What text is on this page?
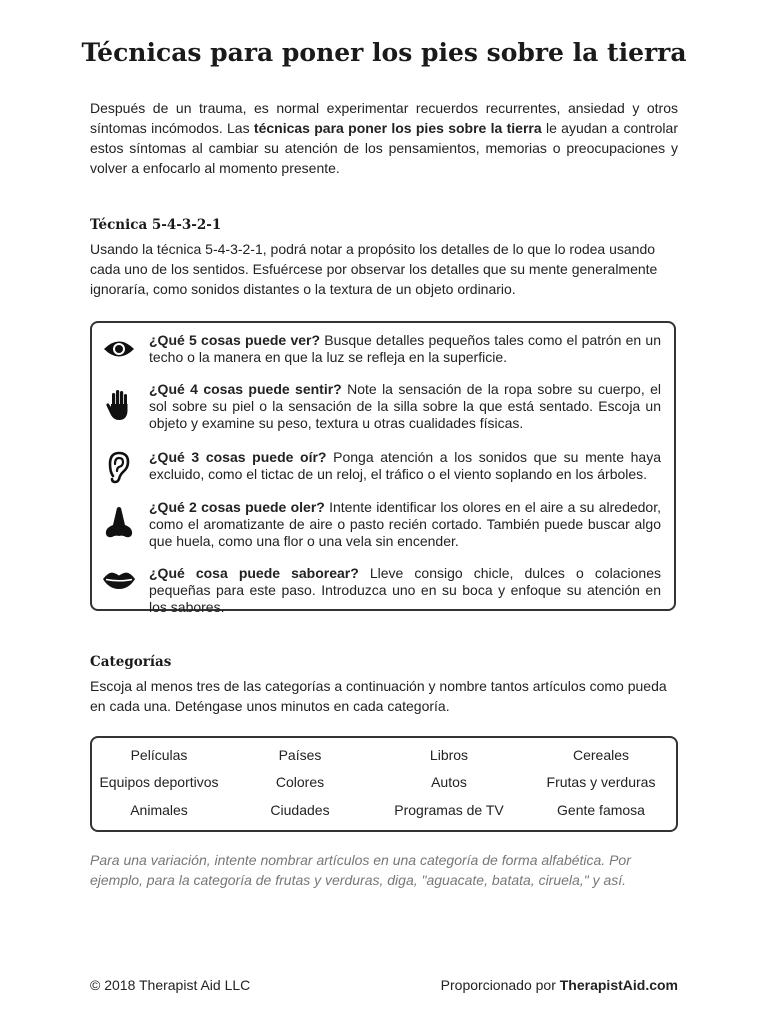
Técnicas para poner los pies sobre la tierra
Después de un trauma, es normal experimentar recuerdos recurrentes, ansiedad y otros síntomas incómodos. Las técnicas para poner los pies sobre la tierra le ayudan a controlar estos síntomas al cambiar su atención de los pensamientos, memorias o preocupaciones y volver a enfocarlo al momento presente.
Técnica 5-4-3-2-1
Usando la técnica 5-4-3-2-1, podrá notar a propósito los detalles de lo que lo rodea usando cada uno de los sentidos. Esfuércese por observar los detalles que su mente generalmente ignoraría, como sonidos distantes o la textura de un objeto ordinario.
¿Qué 5 cosas puede ver? Busque detalles pequeños tales como el patrón en un techo o la manera en que la luz se refleja en la superficie.
¿Qué 4 cosas puede sentir? Note la sensación de la ropa sobre su cuerpo, el sol sobre su piel o la sensación de la silla sobre la que está sentado. Escoja un objeto y examine su peso, textura u otras cualidades físicas.
¿Qué 3 cosas puede oír? Ponga atención a los sonidos que su mente haya excluido, como el tictac de un reloj, el tráfico o el viento soplando en los árboles.
¿Qué 2 cosas puede oler? Intente identificar los olores en el aire a su alrededor, como el aromatizante de aire o pasto recién cortado. También puede buscar algo que huela, como una flor o una vela sin encender.
¿Qué cosa puede saborear? Lleve consigo chicle, dulces o colaciones pequeñas para este paso. Introduzca uno en su boca y enfoque su atención en los sabores.
Categorías
Escoja al menos tres de las categorías a continuación y nombre tantos artículos como pueda en cada una. Deténgase unos minutos en cada categoría.
Películas	Países	Libros	Cereales
Equipos deportivos	Colores	Autos	Frutas y verduras
Animales	Ciudades	Programas de TV	Gente famosa
Para una variación, intente nombrar artículos en una categoría de forma alfabética. Por ejemplo, para la categoría de frutas y verduras, diga, "aguacate, batata, ciruela," y así.
© 2018 Therapist Aid LLC	Proporcionado por TherapistAid.com
